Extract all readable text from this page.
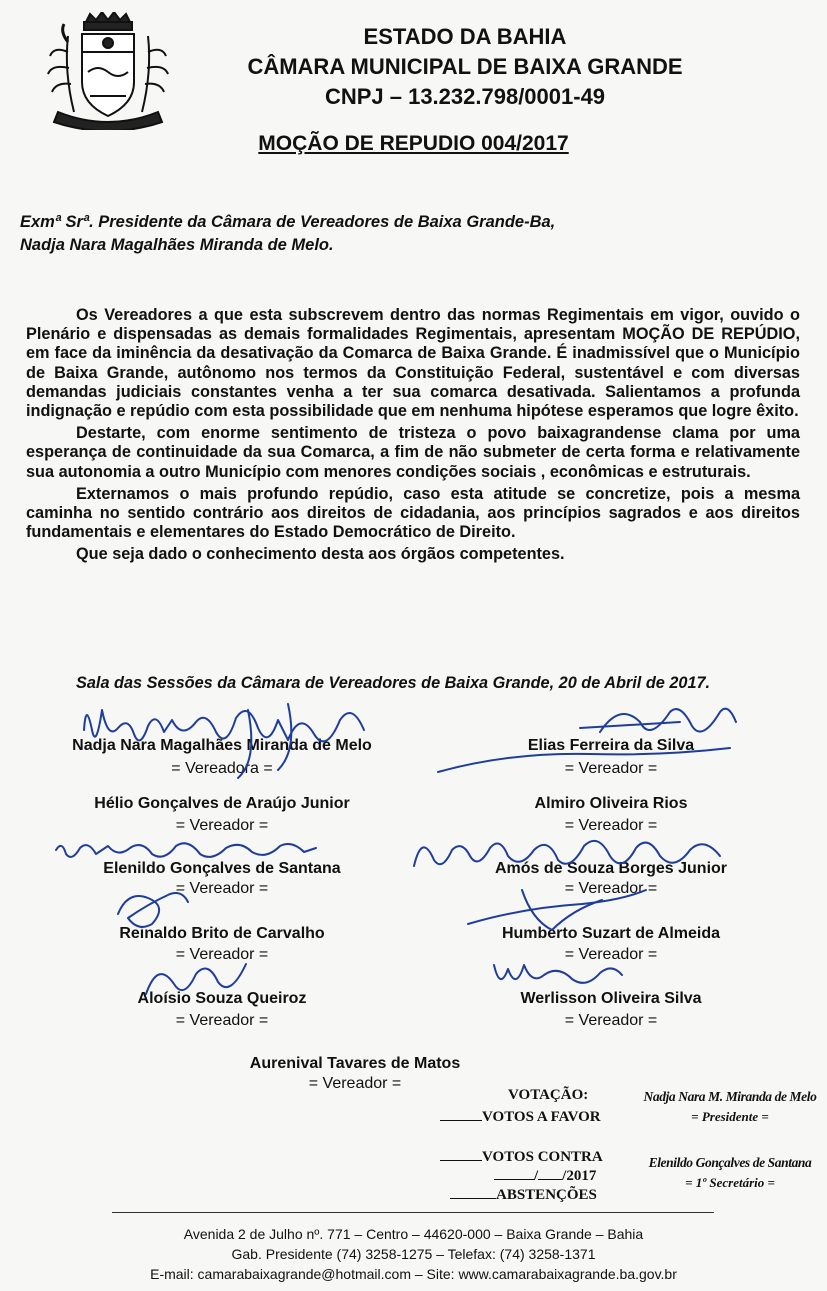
ESTADO DA BAHIA
CÂMARA MUNICIPAL DE BAIXA GRANDE
CNPJ – 13.232.798/0001-49
MOÇÃO DE REPUDIO 004/2017
Exmª Srª. Presidente da Câmara de Vereadores de Baixa Grande-Ba,
Nadja Nara Magalhães Miranda de Melo.

Os Vereadores a que esta subscrevem dentro das normas Regimentais em vigor, ouvido o Plenário e dispensadas as demais formalidades Regimentais, apresentam MOÇÃO DE REPÚDIO, em face da iminência da desativação da Comarca de Baixa Grande. É inadmissível que o Município de Baixa Grande, autônomo nos termos da Constituição Federal, sustentável e com diversas demandas judiciais constantes venha a ter sua comarca desativada. Salientamos a profunda indignação e repúdio com esta possibilidade que em nenhuma hipótese esperamos que logre êxito.

Destarte, com enorme sentimento de tristeza o povo baixagrandense clama por uma esperança de continuidade da sua Comarca, a fim de não submeter de certa forma e relativamente sua autonomia a outro Município com menores condições sociais , econômicas e estruturais.

Externamos o mais profundo repúdio, caso esta atitude se concretize, pois a mesma caminha no sentido contrário aos direitos de cidadania, aos princípios sagrados e aos direitos fundamentais e elementares do Estado Democrático de Direito.

Que seja dado o conhecimento desta aos órgãos competentes.

Sala das Sessões da Câmara de Vereadores de Baixa Grande, 20 de Abril de 2017.
Nadja Nara Magalhães Miranda de Melo
= Vereadora =
Elias Ferreira da Silva
= Vereador =
Hélio Gonçalves de Araújo Junior
= Vereador =
Almiro Oliveira Rios
= Vereador =
Elenildo Gonçalves de Santana
= Vereador =
Amós de Souza Borges Junior
= Vereador =
Reinaldo Brito de Carvalho
= Vereador =
Humberto Suzart de Almeida
= Vereador =
Aloísio Souza Queiroz
= Vereador =
Werlisson Oliveira Silva
= Vereador =
Aurenival Tavares de Matos
= Vereador =
VOTAÇÃO:
VOTOS A FAVOR
VOTOS CONTRA
/ /2017
ABSTENÇÕES
Nadja Nara M. Miranda de Melo
= Presidente =
Elenildo Gonçalves de Santana
= 1º Secretário =
Avenida 2 de Julho nº. 771 – Centro – 44620-000 – Baixa Grande – Bahia
Gab. Presidente (74) 3258-1275 – Telefax: (74) 3258-1371
E-mail: camarabaixagrande@hotmail.com – Site: www.camarabaixagrande.ba.gov.br
